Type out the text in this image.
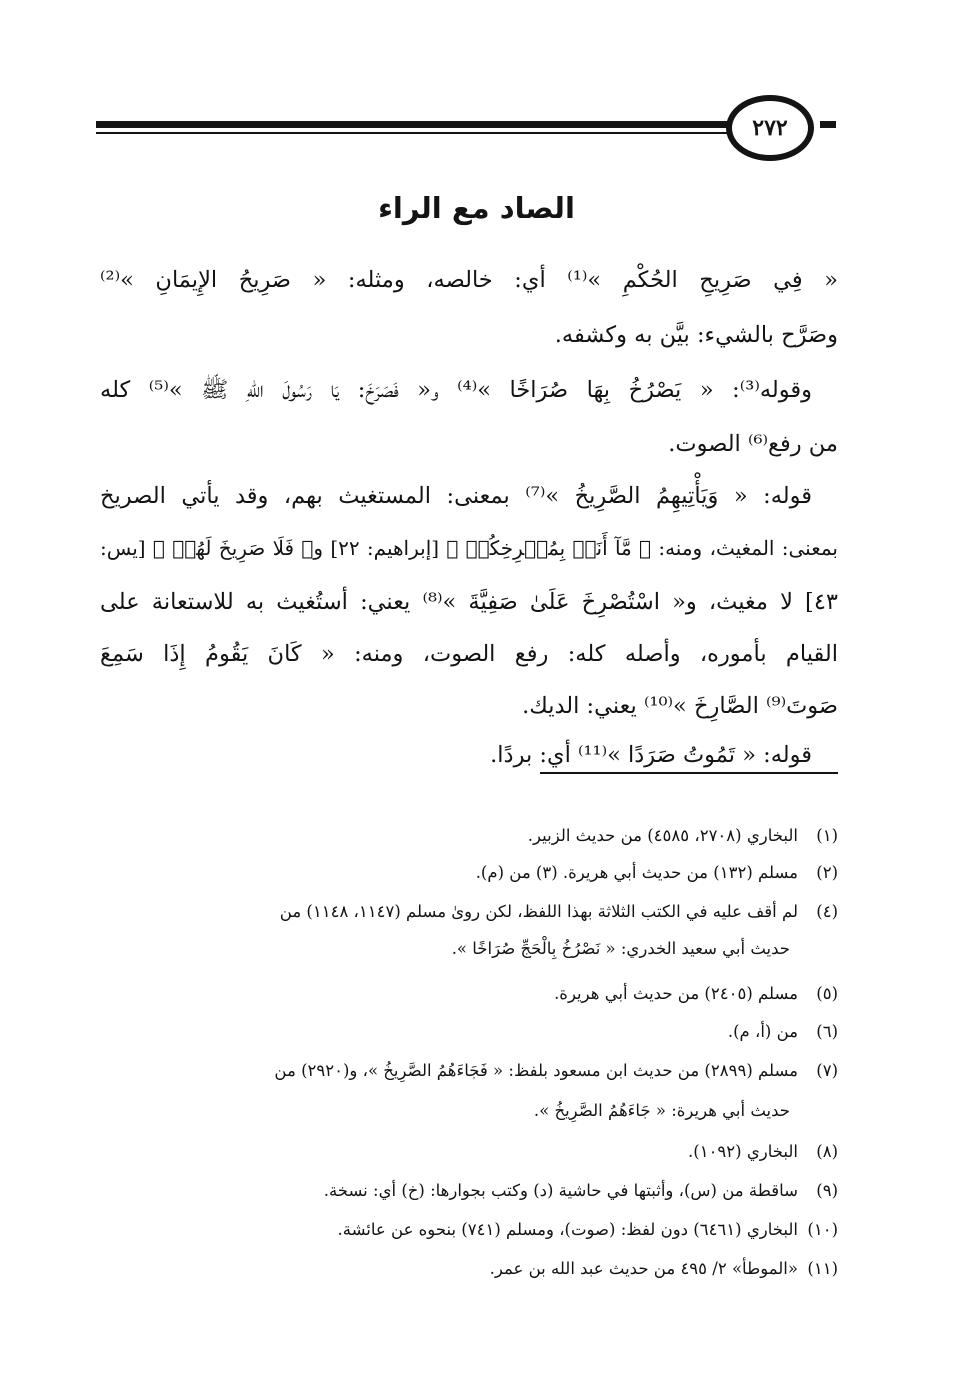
٢٧٢
الصاد مع الراء
« فِي صَرِيحِ الحُكْمِ »⁽¹⁾ أي: خالصه، ومثله: « صَرِيحُ الإِيمَانِ »⁽²⁾
وصَرَّح بالشيء: بيَّن به وكشفه.
وقوله⁽³⁾: « يَصْرُخُ بِهَا صُرَاخًا »⁽⁴⁾ و« فَصَرَخَ: يَا رَسُولَ اللهِ ﷺ »⁽⁵⁾ كله
من رفع⁽⁶⁾ الصوت.
قوله: « وَيَأْتِيهِمُ الصَّرِيخُ »⁽⁷⁾ بمعنى: المستغيث بهم، وقد يأتي الصريخ
بمعنى: المغيث، ومنه: ﴿ مَّآ أَنَا۠ بِمُصۡرِخِكُمۡ ﴾ [إبراهيم: ٢٢] و﴿ فَلَا صَرِيخَ لَهُمۡ ﴾ [يس:
٤٣] لا مغيث، و« اسْتُصْرِخَ عَلَىٰ صَفِيَّةَ »⁽⁸⁾ يعني: أستُغيث به للاستعانة على
القيام بأموره، وأصله كله: رفع الصوت، ومنه: « كَانَ يَقُومُ إِذَا سَمِعَ
صَوتَ⁽⁹⁾ الصَّارِخَ »⁽¹⁰⁾ يعني: الديك.
قوله: « تَمُوتُ صَرَدًا »⁽¹¹⁾ أي: بردًا.
(١)البخاري (٢٧٠٨، ٤٥٨٥) من حديث الزبير.
(٢)مسلم (١٣٢) من حديث أبي هريرة. (٣) من (م).
(٤)لم أقف عليه في الكتب الثلاثة بهذا اللفظ، لكن روىٰ مسلم (١١٤٧، ١١٤٨) من
حديث أبي سعيد الخدري: « نَصْرُخُ بِالْحَجِّ صُرَاخًا ».
(٥)مسلم (٢٤٠٥) من حديث أبي هريرة.
(٦)من (أ، م).
(٧)مسلم (٢٨٩٩) من حديث ابن مسعود بلفظ: « فَجَاءَهُمُ الصَّرِيخُ »، و(٢٩٢٠) من
حديث أبي هريرة: « جَاءَهُمُ الصَّرِيخُ ».
(٨)البخاري (١٠٩٢).
(٩)ساقطة من (س)، وأثبتها في حاشية (د) وكتب بجوارها: (خ) أي: نسخة.
(١٠)البخاري (٦٤٦١) دون لفظ: (صوت)، ومسلم (٧٤١) بنحوه عن عائشة.
(١١)«الموطأ» ٢/ ٤٩٥ من حديث عبد الله بن عمر.
